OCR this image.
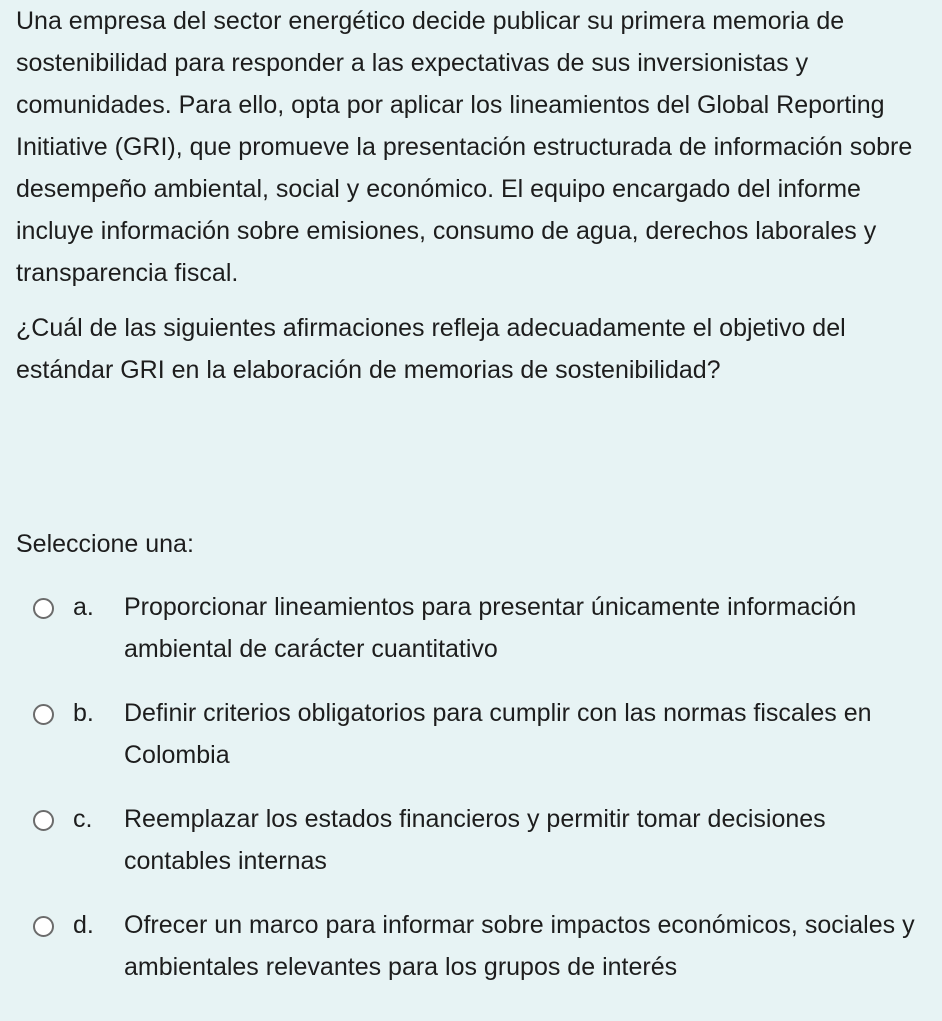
Una empresa del sector energético decide publicar su primera memoria de sostenibilidad para responder a las expectativas de sus inversionistas y comunidades. Para ello, opta por aplicar los lineamientos del Global Reporting Initiative (GRI), que promueve la presentación estructurada de información sobre desempeño ambiental, social y económico. El equipo encargado del informe incluye información sobre emisiones, consumo de agua, derechos laborales y transparencia fiscal.

¿Cuál de las siguientes afirmaciones refleja adecuadamente el objetivo del estándar GRI en la elaboración de memorias de sostenibilidad?

Seleccione una:
a. Proporcionar lineamientos para presentar únicamente información ambiental de carácter cuantitativo
b. Definir criterios obligatorios para cumplir con las normas fiscales en Colombia
c. Reemplazar los estados financieros y permitir tomar decisiones contables internas
d. Ofrecer un marco para informar sobre impactos económicos, sociales y ambientales relevantes para los grupos de interés
